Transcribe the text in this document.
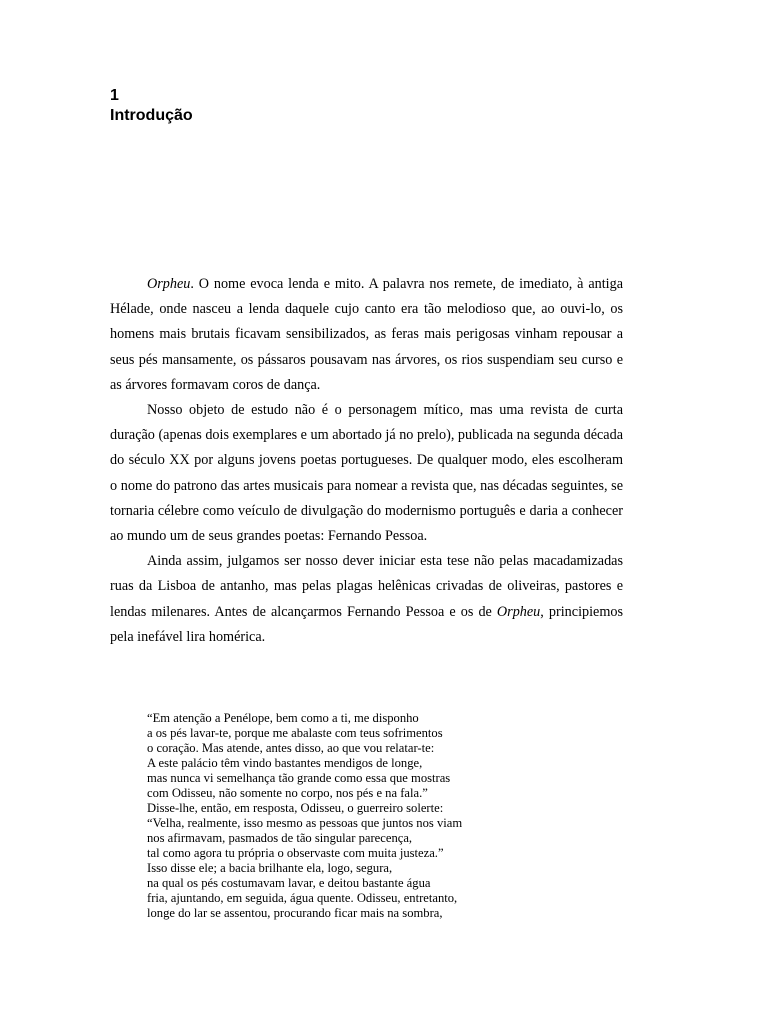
1
Introdução

Orpheu. O nome evoca lenda e mito. A palavra nos remete, de imediato, à antiga Hélade, onde nasceu a lenda daquele cujo canto era tão melodioso que, ao ouvi-lo, os homens mais brutais ficavam sensibilizados, as feras mais perigosas vinham repousar a seus pés mansamente, os pássaros pousavam nas árvores, os rios suspendiam seu curso e as árvores formavam coros de dança.

Nosso objeto de estudo não é o personagem mítico, mas uma revista de curta duração (apenas dois exemplares e um abortado já no prelo), publicada na segunda década do século XX por alguns jovens poetas portugueses. De qualquer modo, eles escolheram o nome do patrono das artes musicais para nomear a revista que, nas décadas seguintes, se tornaria célebre como veículo de divulgação do modernismo português e daria a conhecer ao mundo um de seus grandes poetas: Fernando Pessoa.

Ainda assim, julgamos ser nosso dever iniciar esta tese não pelas macadamizadas ruas da Lisboa de antanho, mas pelas plagas helênicas crivadas de oliveiras, pastores e lendas milenares. Antes de alcançarmos Fernando Pessoa e os de Orpheu, principiemos pela inefável lira homérica.

“Em atenção a Penélope, bem como a ti, me disponho
a os pés lavar-te, porque me abalaste com teus sofrimentos
o coração. Mas atende, antes disso, ao que vou relatar-te:
A este palácio têm vindo bastantes mendigos de longe,
mas nunca vi semelhança tão grande como essa que mostras
com Odisseu, não somente no corpo, nos pés e na fala.”
Disse-lhe, então, em resposta, Odisseu, o guerreiro solerte:
“Velha, realmente, isso mesmo as pessoas que juntos nos viam
nos afirmavam, pasmados de tão singular parecença,
tal como agora tu própria o observaste com muita justeza.”
Isso disse ele; a bacia brilhante ela, logo, segura,
na qual os pés costumavam lavar, e deitou bastante água
fria, ajuntando, em seguida, água quente. Odisseu, entretanto,
longe do lar se assentou, procurando ficar mais na sombra,
